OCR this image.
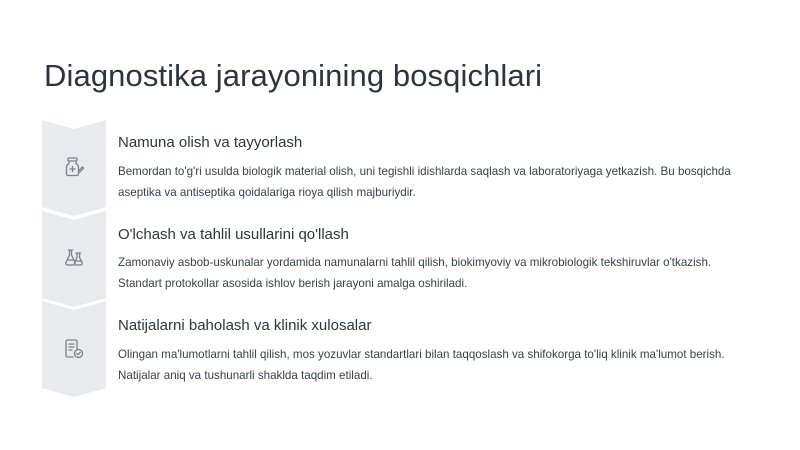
Diagnostika jarayonining bosqichlari
Namuna olish va tayyorlash

Bemordan to'g'ri usulda biologik material olish, uni tegishli idishlarda saqlash va laboratoriyaga yetkazish. Bu bosqichda aseptika va antiseptika qoidalariga rioya qilish majburiydir.

O'lchash va tahlil usullarini qo'llash

Zamonaviy asbob-uskunalar yordamida namunalarni tahlil qilish, biokimyoviy va mikrobiologik tekshiruvlar o'tkazish. Standart protokollar asosida ishlov berish jarayoni amalga oshiriladi.

Natijalarni baholash va klinik xulosalar

Olingan ma'lumotlarni tahlil qilish, mos yozuvlar standartlari bilan taqqoslash va shifokorga to'liq klinik ma'lumot berish. Natijalar aniq va tushunarli shaklda taqdim etiladi.
